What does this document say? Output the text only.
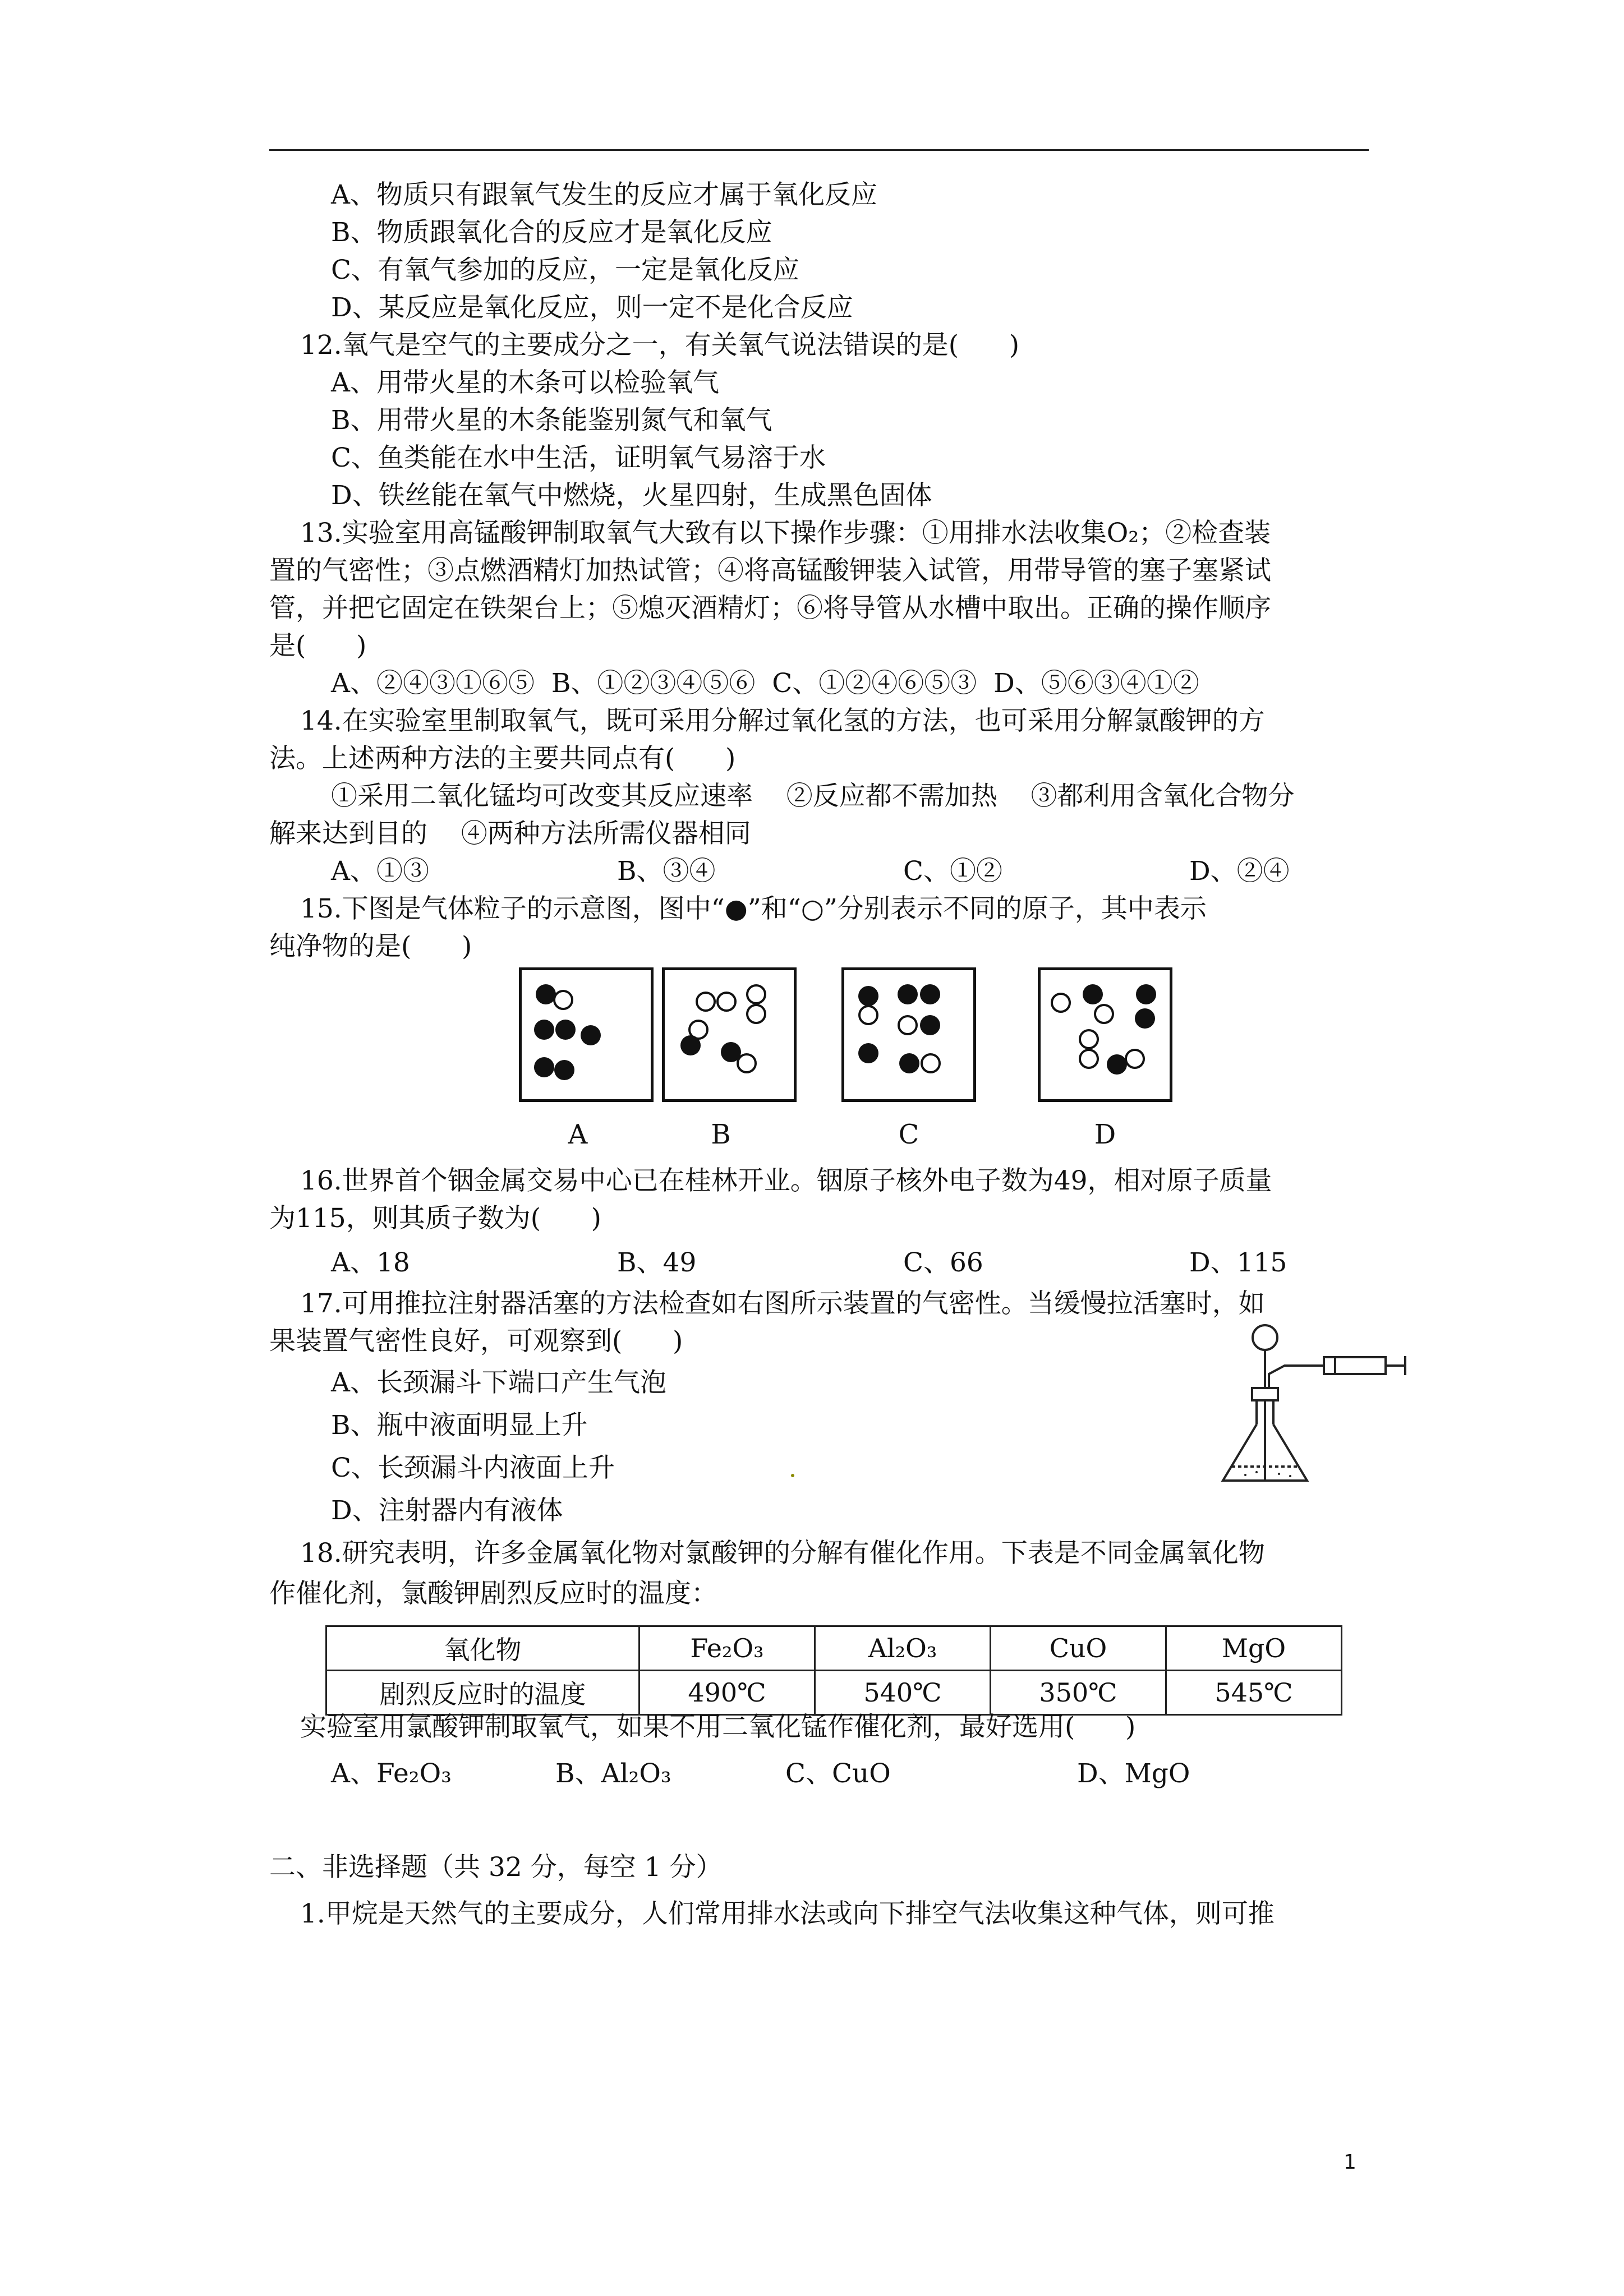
A、物质只有跟氧气发生的反应才属于氧化反应
B、物质跟氧化合的反应才是氧化反应
C、有氧气参加的反应，一定是氧化反应
D、某反应是氧化反应，则一定不是化合反应
12.氧气是空气的主要成分之一，有关氧气说法错误的是(      )
A、用带火星的木条可以检验氧气
B、用带火星的木条能鉴别氮气和氧气
C、鱼类能在水中生活，证明氧气易溶于水
D、铁丝能在氧气中燃烧，火星四射，生成黑色固体
13.实验室用高锰酸钾制取氧气大致有以下操作步骤：①用排水法收集O₂；②检查装
置的气密性；③点燃酒精灯加热试管；④将高锰酸钾装入试管，用带导管的塞子塞紧试
管，并把它固定在铁架台上；⑤熄灭酒精灯；⑥将导管从水槽中取出。正确的操作顺序
是(      )
A、②④③①⑥⑤  B、①②③④⑤⑥  C、①②④⑥⑤③  D、⑤⑥③④①②
14.在实验室里制取氧气，既可采用分解过氧化氢的方法，也可采用分解氯酸钾的方
法。上述两种方法的主要共同点有(      )
①采用二氧化锰均可改变其反应速率    ②反应都不需加热    ③都利用含氧化合物分
解来达到目的    ④两种方法所需仪器相同
A、①③	B、③④	C、①②	D、②④
15.下图是气体粒子的示意图，图中“●”和“○”分别表示不同的原子，其中表示
纯净物的是(      )
A	B	C	D
16.世界首个铟金属交易中心已在桂林开业。铟原子核外电子数为49，相对原子质量
为115，则其质子数为(      )
A、18	B、49	C、66	D、115
17.可用推拉注射器活塞的方法检查如右图所示装置的气密性。当缓慢拉活塞时，如
果装置气密性良好，可观察到(      )
A、长颈漏斗下端口产生气泡
B、瓶中液面明显上升
C、长颈漏斗内液面上升
D、注射器内有液体
18.研究表明，许多金属氧化物对氯酸钾的分解有催化作用。下表是不同金属氧化物
作催化剂，氯酸钾剧烈反应时的温度：
氧化物	Fe₂O₃	Al₂O₃	CuO	MgO
剧烈反应时的温度	490℃	540℃	350℃	545℃
实验室用氯酸钾制取氧气，如果不用二氧化锰作催化剂，最好选用(      )
A、Fe₂O₃	B、Al₂O₃	C、CuO	D、MgO
二、非选择题（共 32 分，每空 1 分）
1.甲烷是天然气的主要成分，人们常用排水法或向下排空气法收集这种气体，则可推
1
